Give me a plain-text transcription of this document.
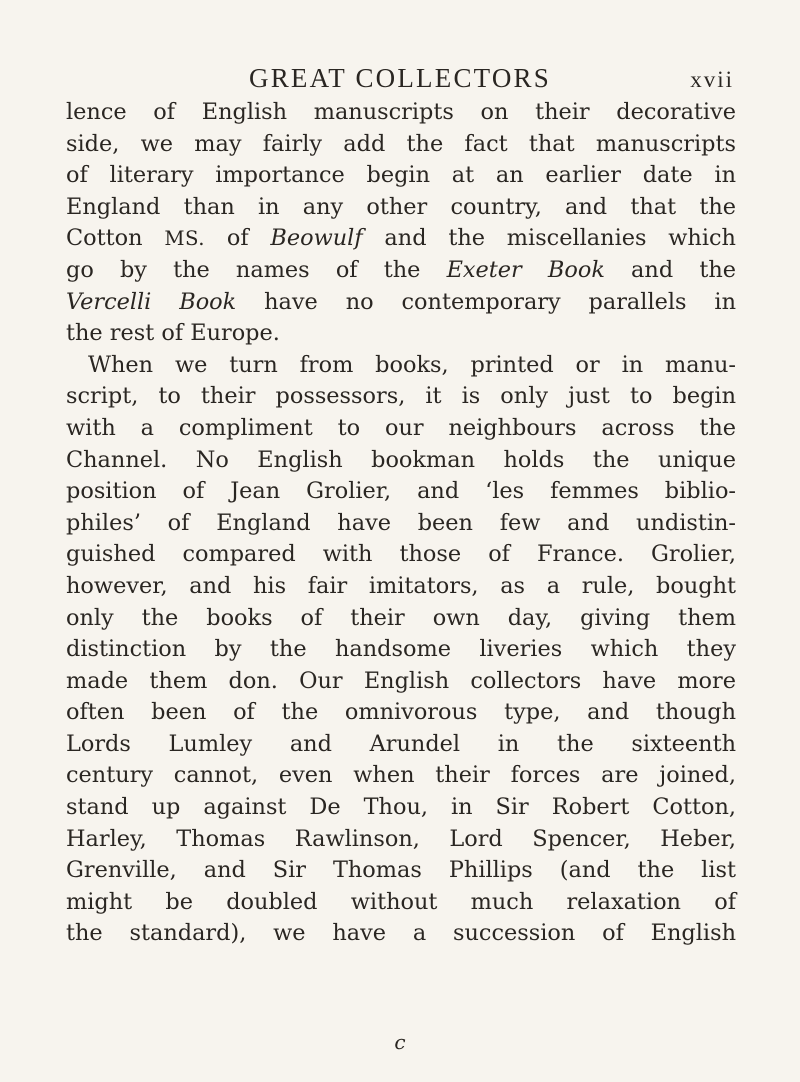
GREAT COLLECTORS	xvii
lence of English manuscripts on their decorative
side, we may fairly add the fact that manuscripts
of literary importance begin at an earlier date in
England than in any other country, and that the
Cotton MS. of Beowulf and the miscellanies which
go by the names of the Exeter Book and the
Vercelli Book have no contemporary parallels in
the rest of Europe.
When we turn from books, printed or in manu-
script, to their possessors, it is only just to begin
with a compliment to our neighbours across the
Channel. No English bookman holds the unique
position of Jean Grolier, and ‘les femmes biblio-
philes’ of England have been few and undistin-
guished compared with those of France. Grolier,
however, and his fair imitators, as a rule, bought
only the books of their own day, giving them
distinction by the handsome liveries which they
made them don. Our English collectors have more
often been of the omnivorous type, and though
Lords Lumley and Arundel in the sixteenth
century cannot, even when their forces are joined,
stand up against De Thou, in Sir Robert Cotton,
Harley, Thomas Rawlinson, Lord Spencer, Heber,
Grenville, and Sir Thomas Phillips (and the list
might be doubled without much relaxation of
the standard), we have a succession of English
c
